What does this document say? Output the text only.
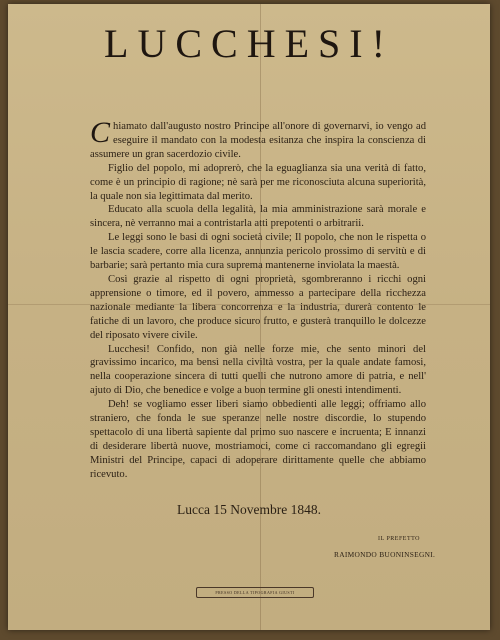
LUCCHESI!

Chiamato dall'augusto nostro Principe all'onore di governarvi, io vengo ad eseguire il mandato con la modesta esitanza che inspira la conscienza di assumere un gran sacerdozio civile.

Figlio del popolo, mi adoprerò, che la eguaglianza sia una verità di fatto, come è un principio di ragione; nè sarà per me riconosciuta alcuna superiorità, la quale non sia legittimata dal merito.

Educato alla scuola della legalità, la mia amministrazione sarà morale e sincera, nè verranno mai a contristarla atti prepotenti o arbitrarii.

Le leggi sono le basi di ogni società civile; Il popolo, che non le rispetta o le lascia scadere, corre alla licenza, annunzia pericolo prossimo di servitù e di barbarie; sarà pertanto mia cura suprema mantenerne inviolata la maestà.

Così grazie al rispetto di ogni proprietà, sgombreranno i ricchi ogni apprensione o timore, ed il povero, ammesso a partecipare della ricchezza nazionale mediante la libera concorrenza e la industria, durerà contento le fatiche di un lavoro, che produce sicuro frutto, e gusterà tranquillo le dolcezze del riposato vivere civile.

Lucchesi! Confido, non già nelle forze mie, che sento minori del gravissimo incarico, ma bensì nella civiltà vostra, per la quale andate famosi, nella cooperazione sincera di tutti quelli che nutrono amore di patria, e nell' ajuto di Dio, che benedice e volge a buon termine gli onesti intendimenti.

Deh! se vogliamo esser liberi siamo obbedienti alle leggi; offriamo allo straniero, che fonda le sue speranze nelle nostre discordie, lo stupendo spettacolo di una libertà sapiente dal primo suo nascere e incruenta; E innanzi di desiderare libertà nuove, mostriamoci, come ci raccomandano gli egregii Ministri del Principe, capaci di adoperare dirittamente quelle che abbiamo ricevuto.

Lucca 15 Novembre 1848.
IL PREFETTO
RAIMONDO BUONINSEGNI.
PRESSO DELLA TIPOGRAFIA GIUSTI
